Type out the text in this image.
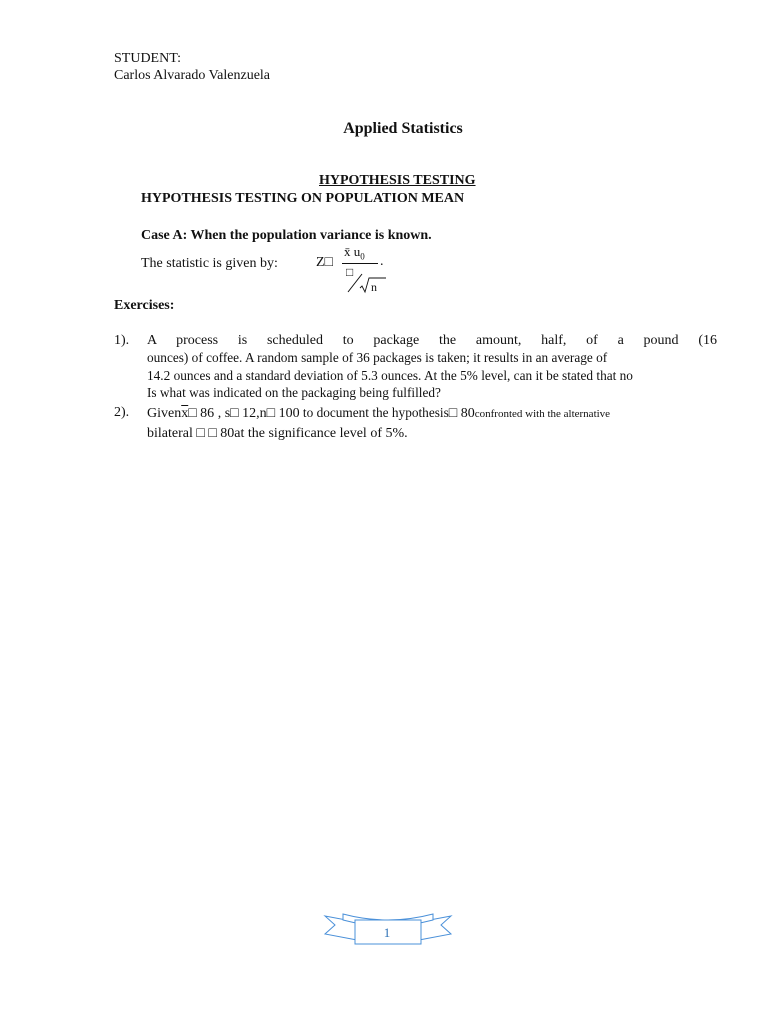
STUDENT:
Carlos Alvarado Valenzuela
Applied Statistics
HYPOTHESIS TESTING
HYPOTHESIS TESTING ON POPULATION MEAN
Case A: When the population variance is known.
The statistic is given by:	Z□
x̄ $u_0$ .
□
n
Exercises:
1). A process is scheduled to package the amount, half, of a pound (16
ounces) of coffee. A random sample of 36 packages is taken; it results in an average of
14.2 ounces and a standard deviation of 5.3 ounces. At the 5% level, can it be stated that no
Is what was indicated on the packaging being fulfilled?
2). $Given\overline{x}□$ 86 , s□ 12,n□ 100 to document the hypothesis□ 80confronted with the alternative
bilateral □ □ 80at the significance level of 5%.
1
